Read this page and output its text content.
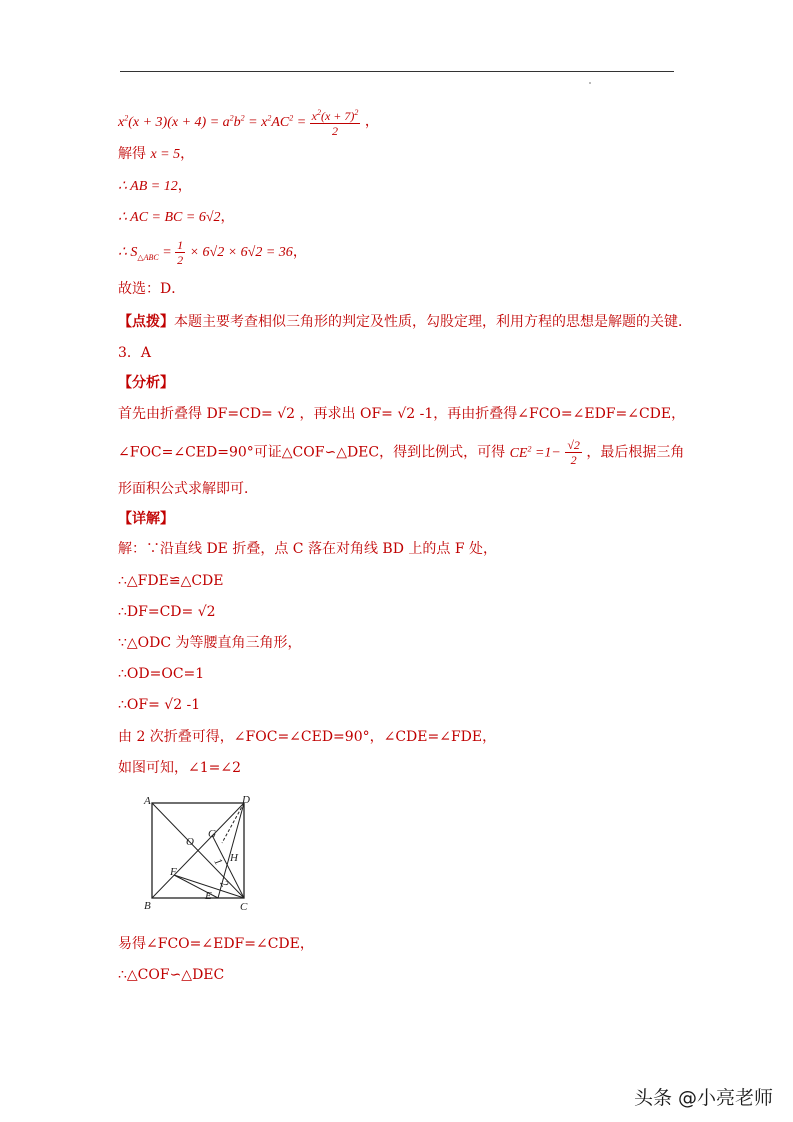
$x^2(x + 3)(x + 4) = a^2b^2 = x^2AC^2 = \frac{x^2(x + 7)^2}{2}$ ，
解得 x = 5，
∴ AB = 12，
∴ AC = BC = 6√2，
∴ $S_{\triangle ABC} = \frac{1}{2} \times 6√2 \times 6√2 = 36$，
故选：D．
【点拨】本题主要考查相似三角形的判定及性质，勾股定理，利用方程的思想是解题的关键．
3．A
【分析】
首先由折叠得 DF=CD= √2 ，再求出 OF= √2 -1，再由折叠得∠FCO=∠EDF=∠CDE，
∠FOC=∠CED=90°可证△COF∽△DEC，得到比例式，可得 $CE^2 =1- \frac{√2}{2}$ ，最后根据三角
形面积公式求解即可．
【详解】
解：∵沿直线 DE 折叠，点 C 落在对角线 BD 上的点 F 处，
∴△FDE≌△CDE
∴DF=CD= √2
∵△ODC 为等腰直角三角形，
∴OD=OC=1
∴OF= √2 -1
由 2 次折叠可得，∠FOC=∠CED=90°，∠CDE=∠FDE，
如图可知，∠1=∠2
A	D
B	C
G
O
H
F
E
1
2
易得∠FCO=∠EDF=∠CDE，
∴△COF∽△DEC
头条 @小亮老师
